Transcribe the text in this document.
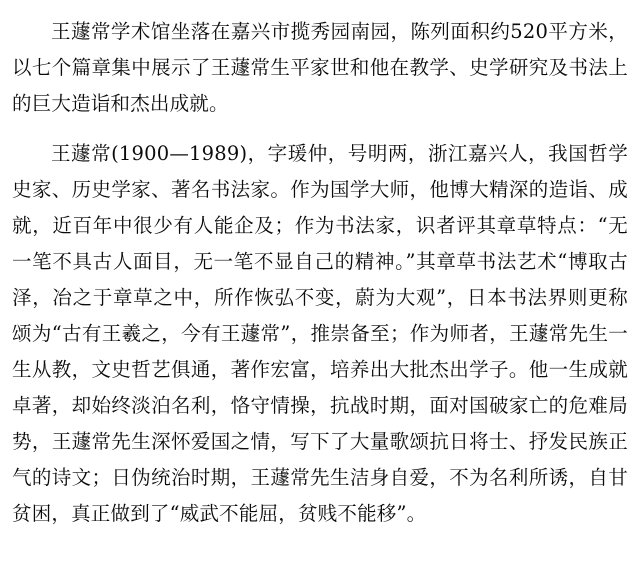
王蘧常学术馆坐落在嘉兴市揽秀园南园，陈列面积约520平方米，以七个篇章集中展示了王蘧常生平家世和他在教学、史学研究及书法上的巨大造诣和杰出成就。

王蘧常(1900—1989)，字瑗仲，号明两，浙江嘉兴人，我国哲学史家、历史学家、著名书法家。作为国学大师，他博大精深的造诣、成就，近百年中很少有人能企及；作为书法家，识者评其章草特点：“无一笔不具古人面目，无一笔不显自己的精神。”其章草书法艺术“博取古泽，冶之于章草之中，所作恢弘不变，蔚为大观”，日本书法界则更称颂为“古有王羲之，今有王蘧常”，推崇备至；作为师者，王蘧常先生一生从教，文史哲艺俱通，著作宏富，培养出大批杰出学子。他一生成就卓著，却始终淡泊名利，恪守情操，抗战时期，面对国破家亡的危难局势，王蘧常先生深怀爱国之情，写下了大量歌颂抗日将士、抒发民族正气的诗文；日伪统治时期，王蘧常先生洁身自爱，不为名利所诱，自甘贫困，真正做到了“威武不能屈，贫贱不能移”。
